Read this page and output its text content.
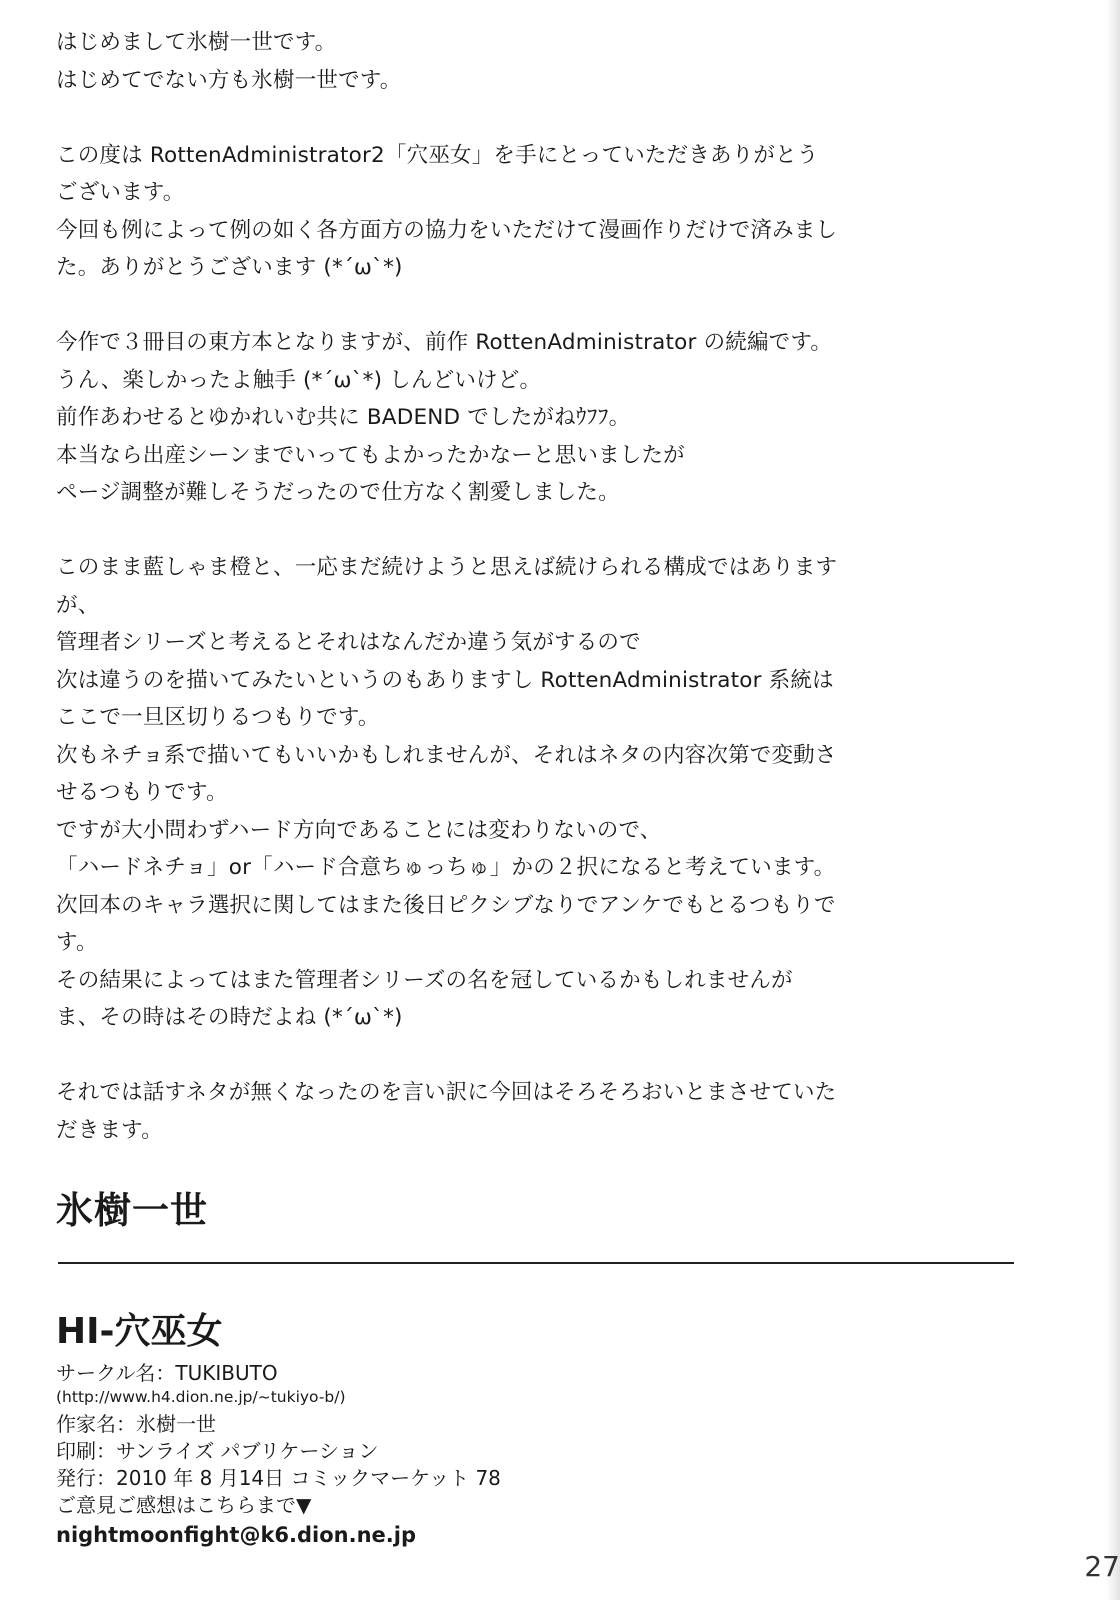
はじめまして氷樹一世です。
はじめてでない方も氷樹一世です。
この度は RottenAdministrator2「穴巫女」を手にとっていただきありがとう
ございます。
今回も例によって例の如く各方面方の協力をいただけて漫画作りだけで済みまし
た。ありがとうございます (*´ω`*)
今作で３冊目の東方本となりますが、前作 RottenAdministrator の続編です。
うん、楽しかったよ触手 (*´ω`*) しんどいけど。
前作あわせるとゆかれいむ共に BADEND でしたがねｳﾌﾌ。
本当なら出産シーンまでいってもよかったかなーと思いましたが
ページ調整が難しそうだったので仕方なく割愛しました。
このまま藍しゃま橙と、一応まだ続けようと思えば続けられる構成ではあります
が、
管理者シリーズと考えるとそれはなんだか違う気がするので
次は違うのを描いてみたいというのもありますし RottenAdministrator 系統は
ここで一旦区切りるつもりです。
次もネチョ系で描いてもいいかもしれませんが、それはネタの内容次第で変動さ
せるつもりです。
ですが大小問わずハード方向であることには変わりないので、
「ハードネチョ」or「ハード合意ちゅっちゅ」かの２択になると考えています。
次回本のキャラ選択に関してはまた後日ピクシブなりでアンケでもとるつもりで
す。
その結果によってはまた管理者シリーズの名を冠しているかもしれませんが
ま、その時はその時だよね (*´ω`*)
それでは話すネタが無くなったのを言い訳に今回はそろそろおいとまさせていた
だきます。
氷樹一世
HI-穴巫女
サークル名：TUKIBUTO
(http://www.h4.dion.ne.jp/~tukiyo-b/)
作家名：氷樹一世
印刷：サンライズ パブリケーション
発行：2010 年 8 月14日 コミックマーケット 78
ご意見ご感想はこちらまで▼
nightmoonfight@k6.dion.ne.jp
27
